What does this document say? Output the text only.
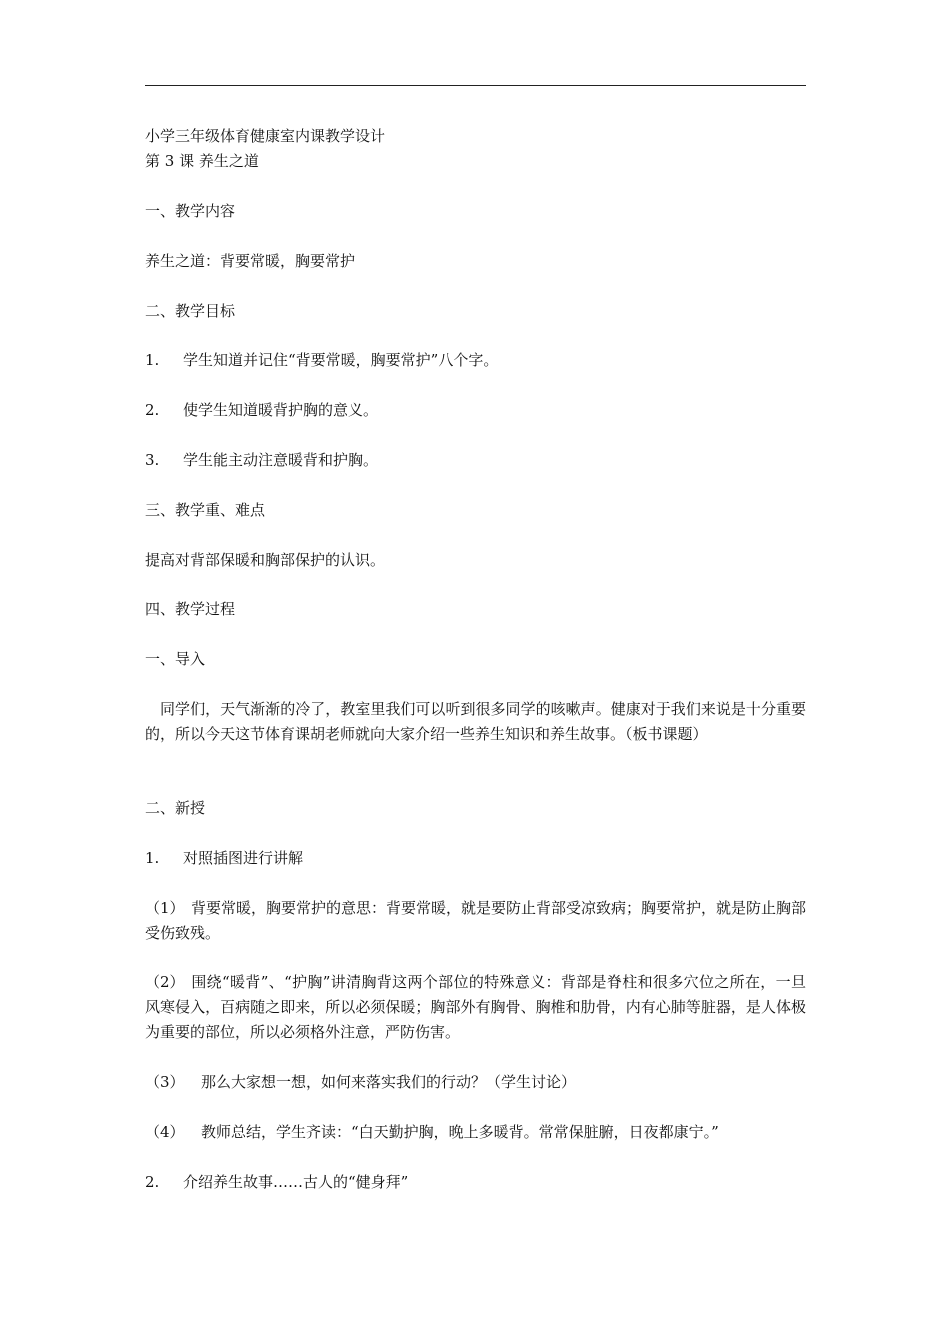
小学三年级体育健康室内课教学设计
第 3 课 养生之道
一、教学内容
养生之道：背要常暖，胸要常护
二、教学目标
1. 学生知道并记住“背要常暖，胸要常护”八个字。
2. 使学生知道暖背护胸的意义。
3. 学生能主动注意暖背和护胸。
三、教学重、难点
提高对背部保暖和胸部保护的认识。
四、教学过程
一、导入
　同学们，天气渐渐的冷了，教室里我们可以听到很多同学的咳嗽声。健康对于我们来说是十分重要的，所以今天这节体育课胡老师就向大家介绍一些养生知识和养生故事。（板书课题）
二、新授
1. 对照插图进行讲解
（1） 背要常暖，胸要常护的意思：背要常暖，就是要防止背部受凉致病；胸要常护，就是防止胸部受伤致残。
（2） 围绕“暖背”、“护胸”讲清胸背这两个部位的特殊意义：背部是脊柱和很多穴位之所在，一旦风寒侵入，百病随之即来，所以必须保暖；胸部外有胸骨、胸椎和肋骨，内有心肺等脏器，是人体极为重要的部位，所以必须格外注意，严防伤害。
（3） 那么大家想一想，如何来落实我们的行动？（学生讨论）
（4） 教师总结，学生齐读：“白天勤护胸，晚上多暖背。常常保脏腑，日夜都康宁。”
2. 介绍养生故事……古人的“健身拜”
